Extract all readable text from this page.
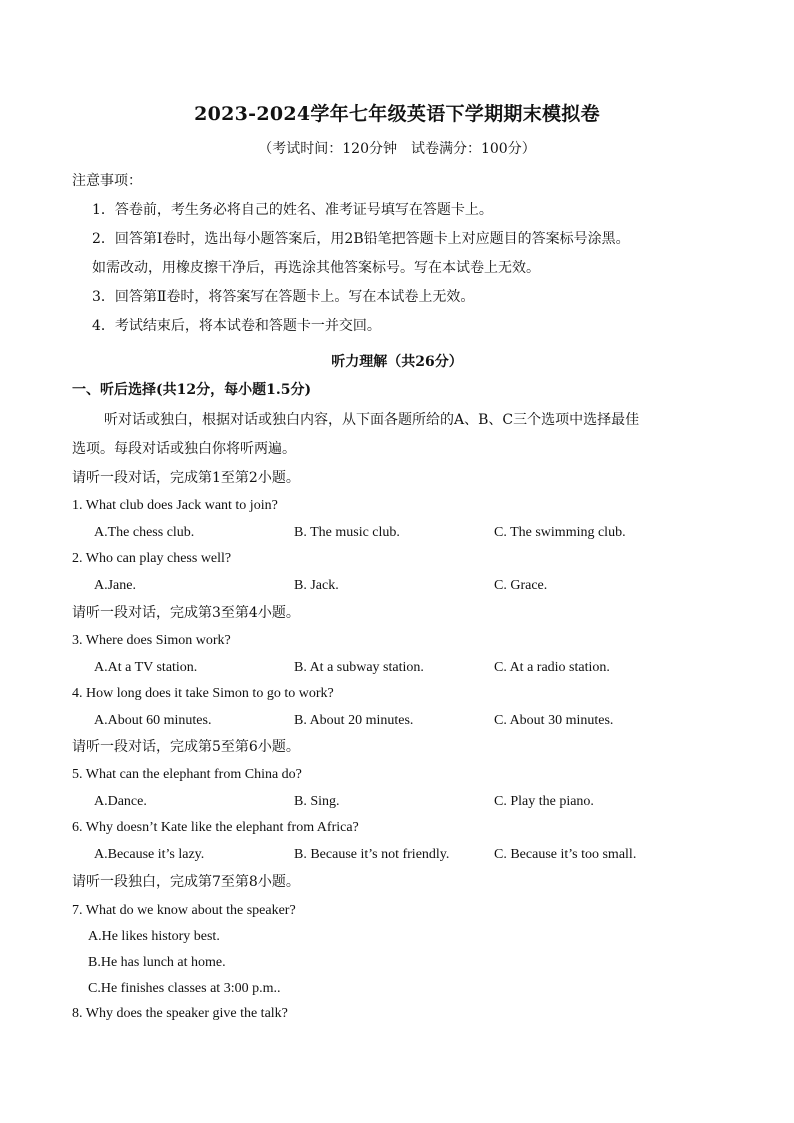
2023-2024学年七年级英语下学期期末模拟卷
（考试时间：120分钟　试卷满分：100分）
注意事项：
1．答卷前，考生务必将自己的姓名、准考证号填写在答题卡上。
2．回答第Ⅰ卷时，选出每小题答案后，用2B铅笔把答题卡上对应题目的答案标号涂黑。
如需改动，用橡皮擦干净后，再选涂其他答案标号。写在本试卷上无效。
3．回答第Ⅱ卷时，将答案写在答题卡上。写在本试卷上无效。
4．考试结束后，将本试卷和答题卡一并交回。
听力理解（共26分）
一、听后选择(共12分，每小题1.5分)
听对话或独白，根据对话或独白内容，从下面各题所给的A、B、C三个选项中选择最佳
选项。每段对话或独白你将听两遍。
请听一段对话，完成第1至第2小题。
1. What club does Jack want to join?
A.The chess club.	B. The music club.	C. The swimming club.
2. Who can play chess well?
A.Jane.	B. Jack.	C. Grace.
请听一段对话，完成第3至第4小题。
3. Where does Simon work?
A.At a TV station.	B. At a subway station.	C. At a radio station.
4. How long does it take Simon to go to work?
A.About 60 minutes.	B. About 20 minutes.	C. About 30 minutes.
请听一段对话，完成第5至第6小题。
5. What can the elephant from China do?
A.Dance.	B. Sing.	C. Play the piano.
6. Why doesn’t Kate like the elephant from Africa?
A.Because it’s lazy.	B. Because it’s not friendly.	C. Because it’s too small.
请听一段独白，完成第7至第8小题。
7. What do we know about the speaker?
A.He likes history best.
B.He has lunch at home.
C.He finishes classes at 3:00 p.m..
8. Why does the speaker give the talk?
